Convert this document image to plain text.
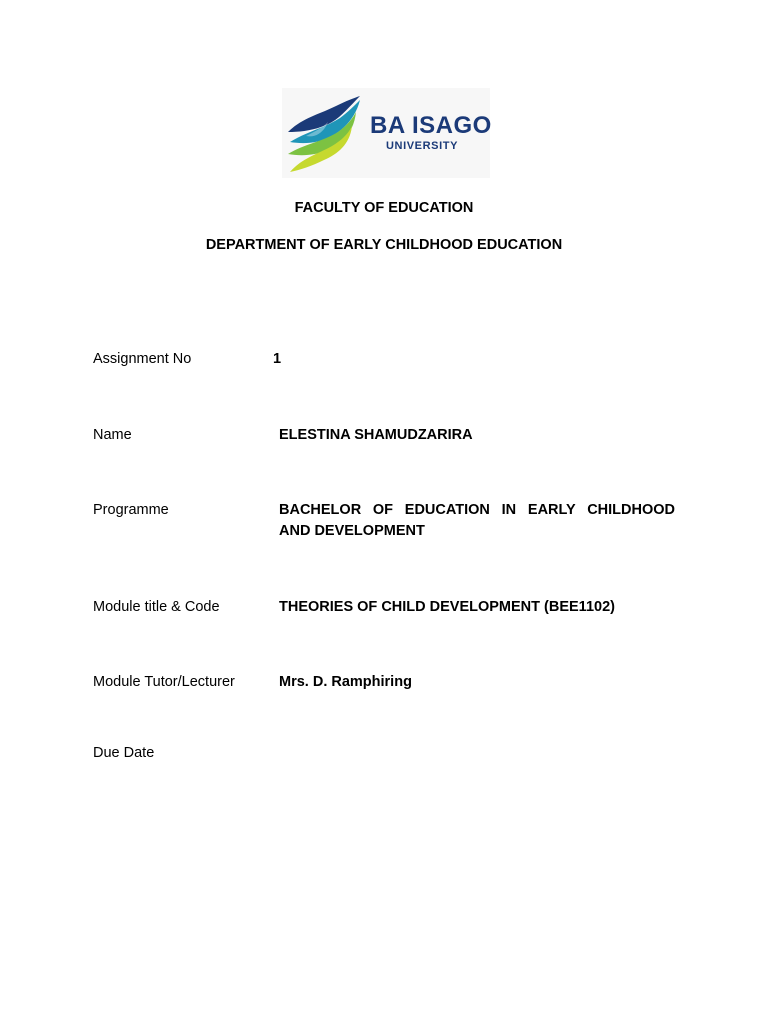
BA ISAGO
UNIVERSITY
FACULTY OF EDUCATION
DEPARTMENT OF EARLY CHILDHOOD EDUCATION
Assignment No	1
Name	ELESTINA SHAMUDZARIRA
Programme	BACHELOR OF EDUCATION IN EARLY CHILDHOOD
AND DEVELOPMENT
Module title & Code	THEORIES OF CHILD DEVELOPMENT (BEE1102)
Module Tutor/Lecturer	Mrs. D. Ramphiring
Due Date
